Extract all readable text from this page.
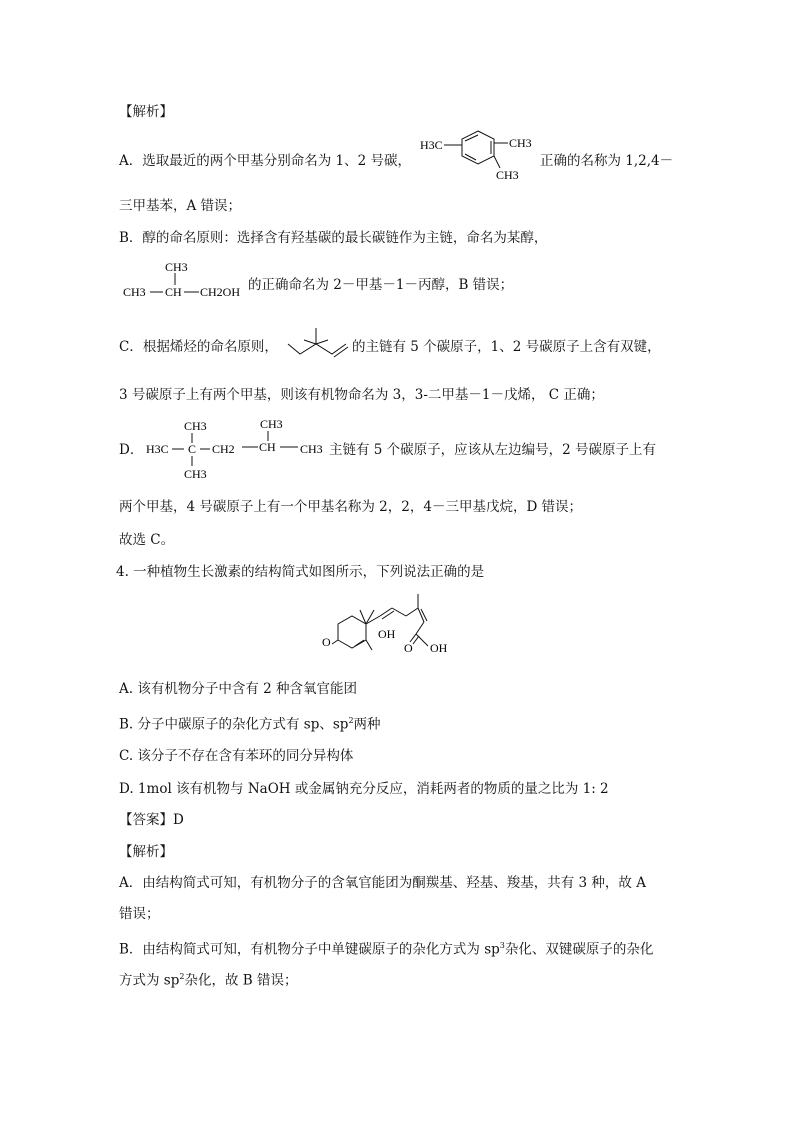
【解析】
A．选取最近的两个甲基分别命名为 1、2 号碳，
H3C	CH3
CH3
正确的名称为 1,2,4－
三甲基苯，A 错误；
B．醇的命名原则：选择含有羟基碳的最长碳链作为主链，命名为某醇，
CH3
CH3 CH CH2OH 的正确命名为 2－甲基－1－丙醇，B 错误；
C．根据烯烃的命名原则，	的主链有 5 个碳原子，1、2 号碳原子上含有双键，
3 号碳原子上有两个甲基，则该有机物命名为 3，3-二甲基－1－戊烯， C 正确；
D．
CH3
H3C C CH2
CH3
CH3
CH CH3 主链有 5 个碳原子，应该从左边编号，2 号碳原子上有
两个甲基，4 号碳原子上有一个甲基名称为 2，2，4－三甲基戊烷，D 错误；
故选 C。
4. 一种植物生长激素的结构简式如图所示，下列说法正确的是
O
OH
O OH
A. 该有机物分子中含有 2 种含氧官能团
B. 分子中碳原子的杂化方式有 sp、$sp^2$两种
C. 该分子不存在含有苯环的同分异构体
D. 1mol 该有机物与 NaOH 或金属钠充分反应，消耗两者的物质的量之比为 1: 2
【答案】D
【解析】
A．由结构简式可知，有机物分子的含氧官能团为酮羰基、羟基、羧基，共有 3 种，故 A
错误；
B．由结构简式可知，有机物分子中单键碳原子的杂化方式为 $sp^3$杂化、双键碳原子的杂化
方式为 $sp^2$杂化，故 B 错误；
